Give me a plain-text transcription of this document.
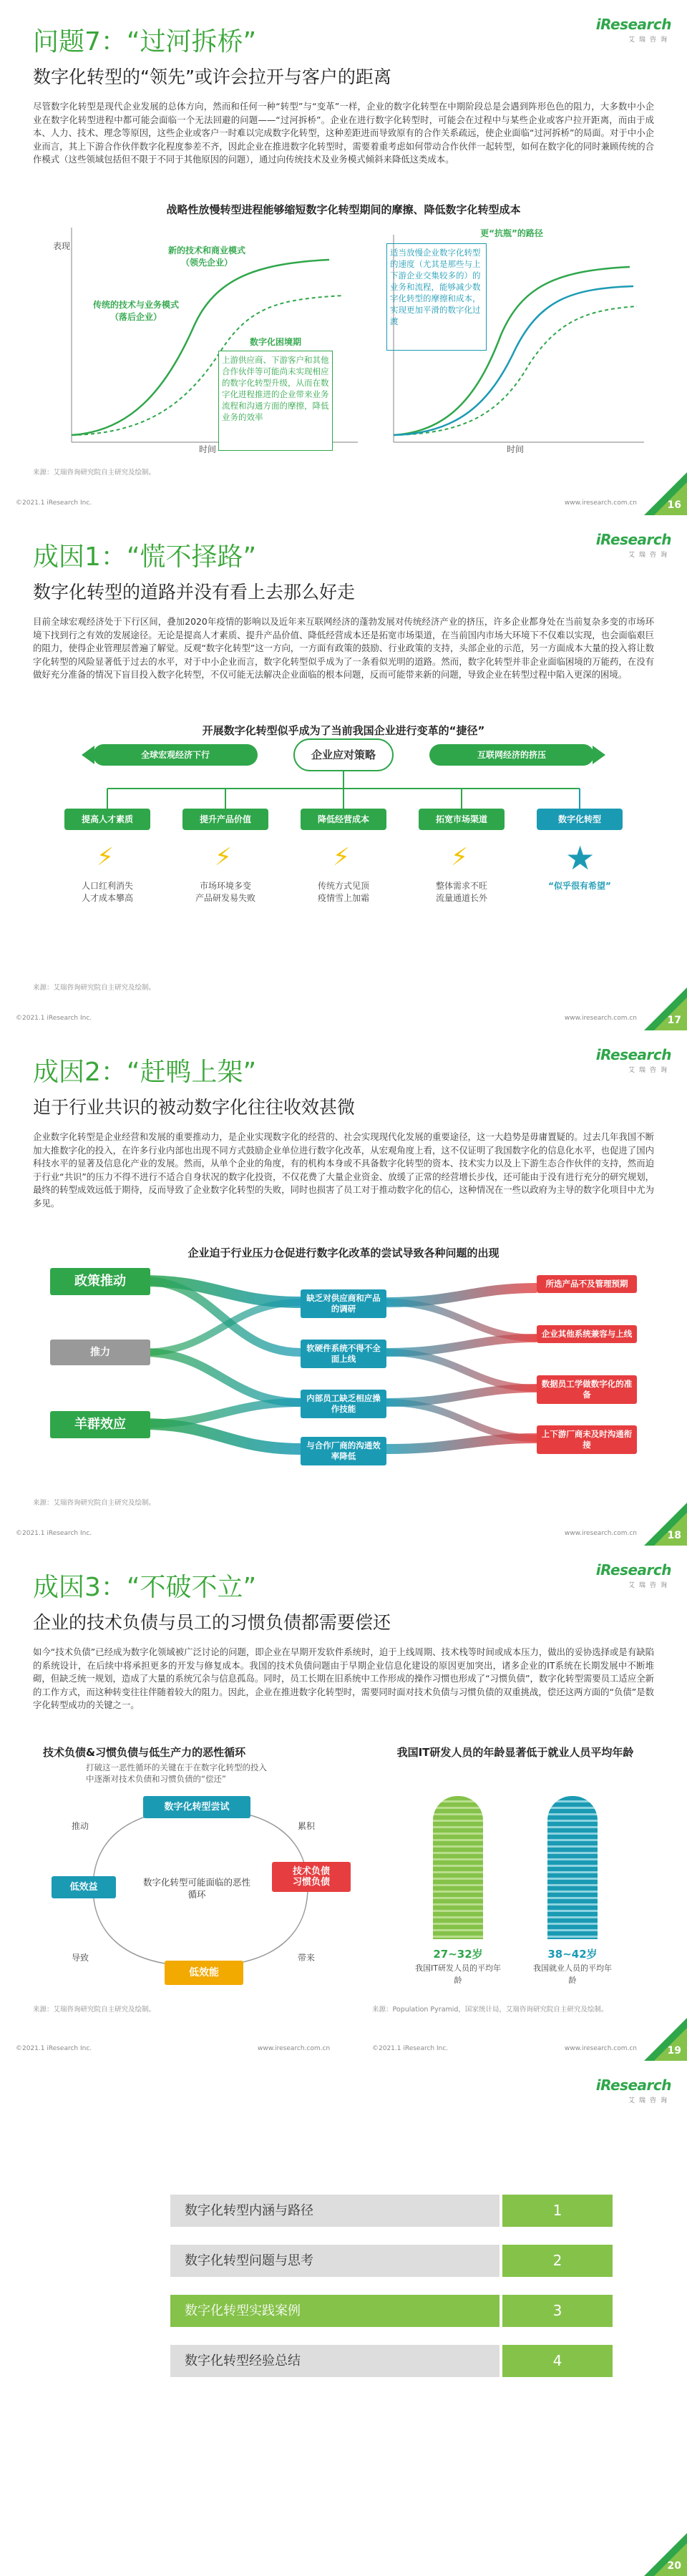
iResearch
艾瑞咨询
问题7：“过河拆桥”
数字化转型的“领先”或许会拉开与客户的距离
尽管数字化转型是现代企业发展的总体方向，然而和任何一种“转型”与“变革”一样，企业的数字化转型在中期阶段总是会遇到阵形色色的阻力，大多数中小企业在数字化转型进程中都可能会面临一个无法回避的问题——“过河拆桥”。企业在进行数字化转型时，可能会在过程中与某些企业或客户拉开距离，而由于成本、人力、技术、理念等原因，这些企业或客户一时难以完成数字化转型，这种差距进而导致原有的合作关系疏远，使企业面临“过河拆桥”的局面。对于中小企业而言，其上下游合作伙伴数字化程度参差不齐，因此企业在推进数字化转型时，需要着重考虑如何带动合作伙伴一起转型，如何在数字化的同时兼顾传统的合作模式（这些领域包括但不限于不同于其他原因的问题），通过向传统技术及业务模式倾斜来降低这类成本。
战略性放慢转型进程能够缩短数字化转型期间的摩擦、降低数字化转型成本
表现
时间
新的技术和商业模式（领先企业）
传统的技术与业务模式（落后企业）
数字化困境期
上游供应商、下游客户和其他合作伙伴等可能尚未实现相应的数字化转型升级，从而在数字化进程推进的企业带来业务流程和沟通方面的摩擦，降低业务的效率
更“抗瓶”的路径
适当放慢企业数字化转型的速度（尤其是那些与上下游企业交集较多的）的业务和流程，能够减少数字化转型的摩擦和成本，实现更加平滑的数字化过渡
时间
来源：艾瑞咨询研究院自主研究及绘制。
©2021.1 iResearch Inc.	www.iresearch.com.cn	16
iResearch
艾瑞咨询
成因1：“慌不择路”
数字化转型的道路并没有看上去那么好走
目前全球宏观经济处于下行区间，叠加2020年疫情的影响以及近年来互联网经济的蓬勃发展对传统经济产业的挤压，许多企业都身处在当前复杂多变的市场环境下找到行之有效的发展途径。无论是提高人才素质、提升产品价值、降低经营成本还是拓宽市场渠道，在当前国内市场大环境下不仅难以实现，也会面临艰巨的阻力，使得企业管理层普遍了解觉。反观“数字化转型”这一方向，一方面有政策的鼓励、行业政策的支持，头部企业的示范，另一方面成本大量的投入将让数字化转型的风险显著低于过去的水平，对于中小企业而言，数字化转型似乎成为了一条看似光明的道路。然而，数字化转型并非企业面临困境的万能药，在没有做好充分准备的情况下盲目投入数字化转型，不仅可能无法解决企业面临的根本问题，反而可能带来新的问题，导致企业在转型过程中陷入更深的困境。
开展数字化转型似乎成为了当前我国企业进行变革的“捷径”
全球宏观经济下行	互联网经济的挤压
企业应对策略
提高人才素质	提升产品价值	降低经营成本	拓宽市场渠道	数字化转型
⚡	⚡	⚡	⚡	★
人口红利消失
人才成本攀高
市场环境多变
产品研发易失败
传统方式见顶
疫情雪上加霜
整体需求不旺
流量通道长外
“似乎很有希望”
来源：艾瑞咨询研究院自主研究及绘制。
©2021.1 iResearch Inc.	www.iresearch.com.cn	17
iResearch
艾瑞咨询
成因2：“赶鸭上架”
迫于行业共识的被动数字化往往收效甚微
企业数字化转型是企业经营和发展的重要推动力，是企业实现数字化的经营的、社会实现现代化发展的重要途径，这一大趋势是毋庸置疑的。过去几年我国不断加大推数字化的投入，在许多行业内部也出现不同方式鼓励企业单位进行数字化改革，从宏观角度上看，这不仅证明了我国数字化的信息化水平，也促进了国内科技水平的显著及信息化产业的发展。然而，从单个企业的角度，有的机构本身或不具备数字化转型的资本、技术实力以及上下游生态合作伙伴的支持，然而迫于行业“共识”的压力不得不进行不适合自身状况的数字化投资，不仅花费了大量企业资金、放缓了正常的经营增长步伐，还可能由于没有进行充分的研究规划，最终的转型成效远低于期待，反而导致了企业数字化转型的失败，同时也损害了员工对于推动数字化的信心，这种情况在一些以政府为主导的数字化项目中尤为多见。
企业迫于行业压力仓促进行数字化改革的尝试导致各种问题的出现
政策推动
推力
羊群效应
缺乏对供应商和产品的调研
软硬件系统不得不全面上线
内部员工缺乏相应操作技能
与合作厂商的沟通效率降低
所选产品不及管理预期
企业其他系统兼容与上线
数据员工学做数字化的准备
上下游厂商未及时沟通衔接
来源：艾瑞咨询研究院自主研究及绘制。
©2021.1 iResearch Inc.	www.iresearch.com.cn	18
iResearch
艾瑞咨询
成因3：“不破不立”
企业的技术负债与员工的习惯负债都需要偿还
如今“技术负债”已经成为数字化领域被广泛讨论的问题，即企业在早期开发软件系统时，迫于上线周期、技术栈等时间或成本压力，做出的妥协选择或是有缺陷的系统设计，在后续中将承担更多的开发与修复成本。我国的技术负债问题由于早期企业信息化建设的原因更加突出，诸多企业的IT系统在长期发展中不断堆砌，但缺乏统一规划，造成了大量的系统冗余与信息孤岛。同时，员工长期在旧系统中工作形成的操作习惯也形成了“习惯负债”，数字化转型需要员工适应全新的工作方式，而这种转变往往伴随着较大的阻力。因此，企业在推进数字化转型时，需要同时面对技术负债与习惯负债的双重挑战，偿还这两方面的“负债”是数字化转型成功的关键之一。
技术负债&习惯负债与低生产力的恶性循环
打破这一恶性循环的关键在于在数字化转型的投入中逐渐对技术负债和习惯负债的“偿还”
数字化转型尝试
技术负债
习惯负债
低效能
低效益	数字化转型可能面临的恶性循环
推动	累积
导致	带来
我国IT研发人员的年龄显著低于就业人员平均年龄
27~32岁
我国IT研发人员的平均年龄
38~42岁
我国就业人员的平均年龄
来源：艾瑞咨询研究院自主研究及绘制。	来源：Population Pyramid，国家统计局，艾瑞咨询研究院自主研究及绘制。
©2021.1 iResearch Inc.	www.iresearch.com.cn	©2021.1 iResearch Inc.	www.iresearch.com.cn	19
iResearch
艾瑞咨询
数字化转型内涵与路径	1
数字化转型问题与思考	2
数字化转型实践案例	3
数字化转型经验总结	4
20
